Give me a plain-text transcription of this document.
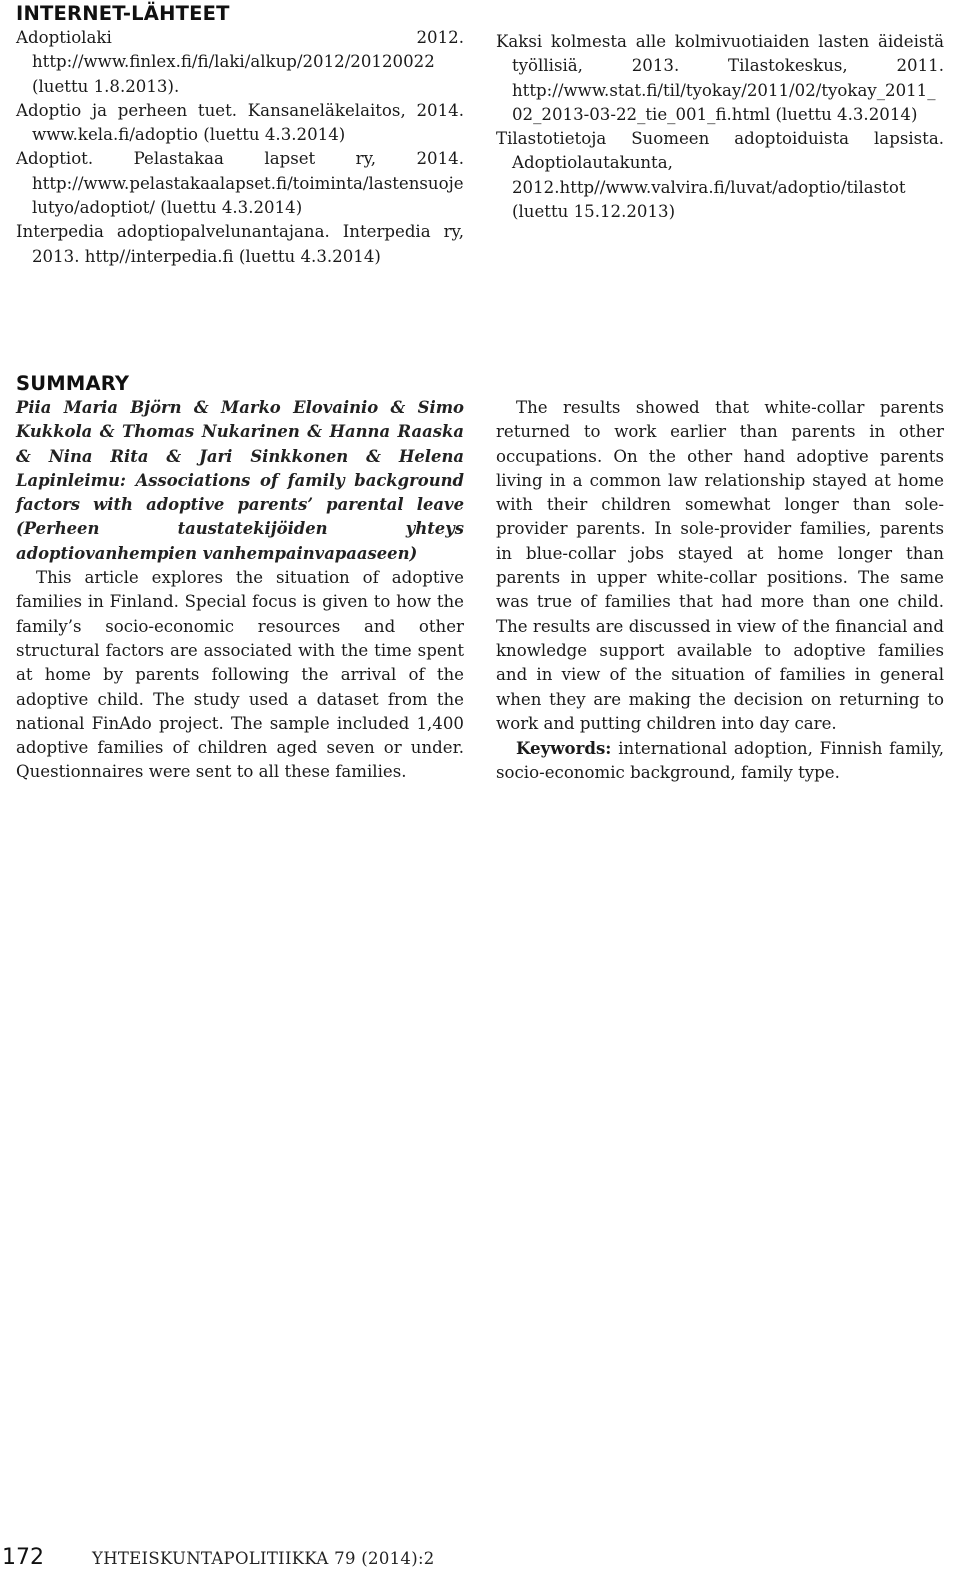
INTERNET-LÄHTEET

Adoptiolaki 2012. http://www.finlex.fi/fi/laki/alkup/2012/20120022 (luettu 1.8.2013).

Adoptio ja perheen tuet. Kansaneläkelaitos, 2014. www.kela.fi/adoptio (luettu 4.3.2014)

Adoptiot. Pelastakaa lapset ry, 2014. http://www.pelastakaalapset.fi/toiminta/lastensuojelutyo/adoptiot/ (luettu 4.3.2014)

Interpedia adoptiopalvelunantajana. Interpedia ry, 2013. http//interpedia.fi (luettu 4.3.2014)

Kaksi kolmesta alle kolmivuotiaiden lasten äideistä työllisiä, 2013. Tilastokeskus, 2011. http://www.stat.fi/til/tyokay/2011/02/tyokay_2011_02_2013-03-22_tie_001_fi.html (luettu 4.3.2014)

Tilastotietoja Suomeen adoptoiduista lapsista. Adoptiolautakunta, 2012.http//www.valvira.fi/luvat/adoptio/tilastot (luettu 15.12.2013)

SUMMARY

Piia Maria Björn & Marko Elovainio & Simo Kukkola & Thomas Nukarinen & Hanna Raaska & Nina Rita & Jari Sinkkonen & Helena Lapinleimu: Associations of family background factors with adoptive parents’ parental leave (Perheen taustatekijöiden yhteys adoptiovanhempien vanhempainvapaaseen)

This article explores the situation of adoptive families in Finland. Special focus is given to how the family’s socio-economic resources and other structural factors are associated with the time spent at home by parents following the arrival of the adoptive child. The study used a dataset from the national FinAdo project. The sample included 1,400 adoptive families of children aged seven or under. Questionnaires were sent to all these families.

The results showed that white-collar parents returned to work earlier than parents in other occupations. On the other hand adoptive parents living in a common law relationship stayed at home with their children somewhat longer than sole-provider parents. In sole-provider families, parents in blue-collar jobs stayed at home longer than parents in upper white-collar positions. The same was true of families that had more than one child. The results are discussed in view of the financial and knowledge support available to adoptive families and in view of the situation of families in general when they are making the decision on returning to work and putting children into day care.

Keywords: international adoption, Finnish family, socio-economic background, family type.

172	YHTEISKUNTAPOLITIIKKA 79 (2014):2
